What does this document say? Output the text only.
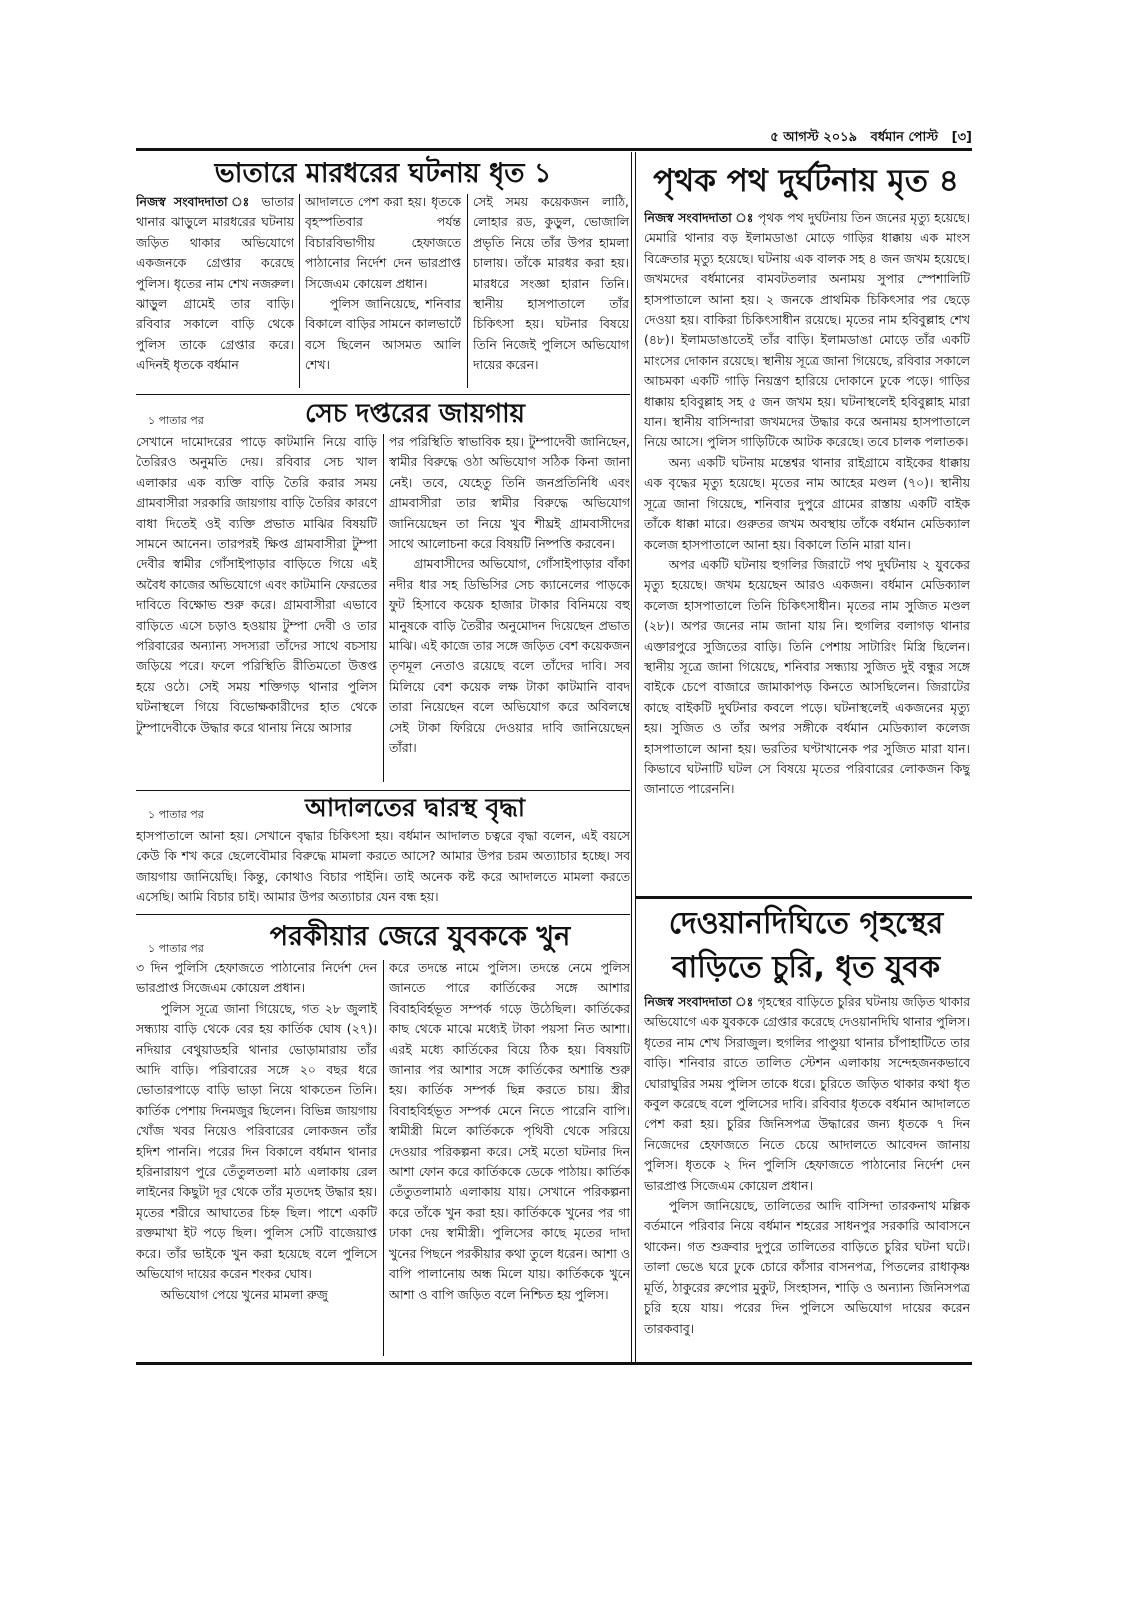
৫ আগস্ট ২০১৯ বর্ধমান পোস্ট [৩]
ভাতারে মারধরের ঘটনায় ধৃত ১

নিজস্ব সংবাদদাতা ঃ ভাতার থানার ঝাড়ুলে মারধরের ঘটনায় জড়িত থাকার অভিযোগে একজনকে গ্রেপ্তার করেছে পুলিস। ধৃতের নাম শেখ নজরুল। ঝাড়ুল গ্রামেই তার বাড়ি। রবিবার সকালে বাড়ি থেকে পুলিস তাকে গ্রেপ্তার করে। এদিনই ধৃতকে বর্ধমান

আদালতে পেশ করা হয়। ধৃতকে বৃহস্পতিবার পর্যন্ত বিচারবিভাগীয় হেফাজতে পাঠানোর নির্দেশ দেন ভারপ্রাপ্ত সিজেএম কোয়েল প্রধান।

পুলিস জানিয়েছে, শনিবার বিকালে বাড়ির সামনে কালভার্টে বসে ছিলেন আসমত আলি শেখ।

সেই সময় কয়েকজন লাঠি, লোহার রড, কুড়ুল, ভোজালি প্রভৃতি নিয়ে তাঁর উপর হামলা চালায়। তাঁকে মারধর করা হয়। মারধরে সংজ্ঞা হারান তিনি। স্থানীয় হাসপাতালে তাঁর চিকিৎসা হয়। ঘটনার বিষয়ে তিনি নিজেই পুলিসে অভিযোগ দায়ের করেন।

১ পাতার পর	সেচ দপ্তরের জায়গায়

সেখানে দামোদরের পাড়ে কাটমানি নিয়ে বাড়ি তৈরিরও অনুমতি দেয়। রবিবার সেচ খাল এলাকার এক ব্যক্তি বাড়ি তৈরি করার সময় গ্রামবাসীরা সরকারি জায়গায় বাড়ি তৈরির কারণে বাধা দিতেই ওই ব্যক্তি প্রভাত মাঝির বিষয়টি সামনে আনেন। তারপরই ক্ষিপ্ত গ্রামবাসীরা টুম্পা দেবীর স্বামীর গোঁসাইপাড়ার বাড়িতে গিয়ে এই অবৈধ কাজের অভিযোগে এবং কাটমানি ফেরতের দাবিতে বিক্ষোভ শুরু করে। গ্রামবাসীরা এভাবে বাড়িতে এসে চড়াও হওয়ায় টুম্পা দেবী ও তার পরিবারের অন্যান্য সদস্যরা তাঁদের সাথে বচসায় জড়িয়ে পরে। ফলে পরিস্থিতি রীতিমতো উত্তপ্ত হয়ে ওঠে। সেই সময় শক্তিগড় থানার পুলিস ঘটনাস্থলে গিয়ে বিভোক্ষকারীদের হাত থেকে টুম্পাদেবীকে উদ্ধার করে থানায় নিয়ে আসার

পর পরিস্থিতি স্বাভাবিক হয়। টুম্পাদেবী জানিছেন, স্বামীর বিরুদ্ধে ওঠা অভিযোগ সঠিক কিনা জানা নেই। তবে, যেহেতু তিনি জনপ্রতিনিধি এবং গ্রামবাসীরা তার স্বামীর বিরুদ্ধে অভিযোগ জানিয়েছেন তা নিয়ে খুব শীঘ্রই গ্রামবাসীদের সাথে আলোচনা করে বিষয়টি নিষ্পত্তি করবেন।

গ্রামবাসীদের অভিযোগ, গোঁসাইপাড়ার বাঁকা নদীর ধার সহ ডিভিসির সেচ ক্যানেলের পাড়কে ফুট হিসাবে কয়েক হাজার টাকার বিনিময়ে বহু মানুষকে বাড়ি তৈরীর অনুমোদন দিয়েছেন প্রভাত মাঝি। এই কাজে তার সঙ্গে জড়িত বেশ কয়েকজন তৃণমূল নেতাও রয়েছে বলে তাঁদের দাবি। সব মিলিয়ে বেশ কয়েক লক্ষ টাকা কাটমানি বাবদ তারা নিয়েছেন বলে অভিযোগ করে অবিলম্বে সেই টাকা ফিরিয়ে দেওয়ার দাবি জানিয়েছেন তাঁরা।

১ পাতার পর	আদালতের দ্বারস্থ বৃদ্ধা

হাসপাতালে আনা হয়। সেখানে বৃদ্ধার চিকিৎসা হয়। বর্ধমান আদালত চত্বরে বৃদ্ধা বলেন, এই বয়সে কেউ কি শখ করে ছেলেবৌমার বিরুদ্ধে মামলা করতে আসে? আমার উপর চরম অত্যাচার হচ্ছে। সব জায়গায় জানিয়েছি। কিন্তু, কোথাও বিচার পাইনি। তাই অনেক কষ্ট করে আদালতে মামলা করতে এসেছি। আমি বিচার চাই। আমার উপর অত্যাচার যেন বন্ধ হয়।

১ পাতার পর	পরকীয়ার জেরে যুবককে খুন

৩ দিন পুলিসি হেফাজতে পাঠানোর নির্দেশ দেন ভারপ্রাপ্ত সিজেএম কোয়েল প্রধান।

পুলিস সূত্রে জানা গিয়েছে, গত ২৮ জুলাই সন্ধ্যায় বাড়ি থেকে বের হয় কার্তিক ঘোষ (২৭)। নদিয়ার বেথুয়াডহরি থানার ভোড়ামারায় তাঁর আদি বাড়ি। পরিবারের সঙ্গে ২০ বছর ধরে ভোতারপাড়ে বাড়ি ভাড়া নিয়ে থাকতেন তিনি। কার্তিক পেশায় দিনমজুর ছিলেন। বিভিন্ন জায়গায় খোঁজ খবর নিয়েও পরিবারের লোকজন তাঁর হদিশ পাননি। পরের দিন বিকালে বর্ধমান থানার হরিনারায়ণ পুরে তেঁতুলতলা মাঠ এলাকায় রেল লাইনের কিছুটা দূর থেকে তাঁর মৃতদেহ উদ্ধার হয়। মৃতের শরীরে আঘাতের চিহ্ন ছিল। পাশে একটি রক্তমাখা ইট পড়ে ছিল। পুলিস সেটি বাজেয়াপ্ত করে। তাঁর ভাইকে খুন করা হয়েছে বলে পুলিসে অভিযোগ দায়ের করেন শংকর ঘোষ।

অভিযোগ পেয়ে খুনের মামলা রুজু

করে তদন্তে নামে পুলিস। তদন্তে নেমে পুলিস জানতে পারে কার্তিকের সঙ্গে আশার বিবাহবির্হভূত সম্পর্ক গড়ে উঠেছিল। কার্তিকের কাছ থেকে মাঝে মধ্যেই টাকা পয়সা নিত আশা। এরই মধ্যে কার্তিকের বিয়ে ঠিক হয়। বিষয়টি জানার পর আশার সঙ্গে কার্তিকের অশান্তি শুরু হয়। কার্তিক সম্পর্ক ছিন্ন করতে চায়। স্ত্রীর বিবাহবির্হভূত সম্পর্ক মেনে নিতে পারেনি বাপি। স্বামীস্ত্রী মিলে কার্তিককে পৃথিবী থেকে সরিয়ে দেওয়ার পরিকল্পনা করে। সেই মতো ঘটনার দিন আশা ফোন করে কার্তিককে ডেকে পাঠায়। কার্তিক তেঁতুতলামাঠ এলাকায় যায়। সেখানে পরিকল্পনা করে তাঁকে খুন করা হয়। কার্তিককে খুনের পর গা ঢাকা দেয় স্বামীস্ত্রী। পুলিসের কাছে মৃতের দাদা খুনের পিছনে পরকীয়ার কথা তুলে ধরেন। আশা ও বাপি পালানোয় অন্ধ মিলে যায়। কার্তিককে খুনে আশা ও বাপি জড়িত বলে নিশ্চিত হয় পুলিস।

পৃথক পথ দুর্ঘটনায় মৃত ৪

নিজস্ব সংবাদদাতা ঃ পৃথক পথ দুর্ঘটনায় তিন জনের মৃত্যু হয়েছে। মেমারি থানার বড় ইলামডাঙা মোড়ে গাড়ির ধাক্কায় এক মাংস বিক্রেতার মৃত্যু হয়েছে। ঘটনায় এক বালক সহ ৪ জন জখম হয়েছে। জখমদের বর্ধমানের বামবটতলার অনাময় সুপার স্পেশালিটি হাসপাতালে আনা হয়। ২ জনকে প্রাথমিক চিকিৎসার পর ছেড়ে দেওয়া হয়। বাকিরা চিকিৎসাধীন রয়েছে। মৃতের নাম হবিবুল্লাহ শেখ (৪৮)। ইলামডাঙাতেই তাঁর বাড়ি। ইলামডাঙা মোড়ে তাঁর একটি মাংসের দোকান রয়েছে। স্থানীয় সূত্রে জানা গিয়েছে, রবিবার সকালে আচমকা একটি গাড়ি নিয়ন্ত্রণ হারিয়ে দোকানে ঢুকে পড়ে। গাড়ির ধাক্কায় হবিবুল্লাহ সহ ৫ জন জখম হয়। ঘটনাস্থলেই হবিবুল্লাহ মারা যান। স্থানীয় বাসিন্দারা জখমদের উদ্ধার করে অনাময় হাসপাতালে নিয়ে আসে। পুলিস গাড়িটিকে আটক করেছে। তবে চালক পলাতক।

অন্য একটি ঘটনায় মন্তেশ্বর থানার রাইগ্রামে বাইকের ধাক্কায় এক বৃদ্ধের মৃত্যু হয়েছে। মৃতের নাম আহের মণ্ডল (৭০)। স্থানীয় সূত্রে জানা গিয়েছে, শনিবার দুপুরে গ্রামের রাস্তায় একটি বাইক তাঁকে ধাক্কা মারে। গুরুতর জখম অবস্থায় তাঁকে বর্ধমান মেডিক্যাল কলেজ হাসপাতালে আনা হয়। বিকালে তিনি মারা যান।

অপর একটি ঘটনায় হুগলির জিরাটে পথ দুর্ঘটনায় ২ যুবকের মৃত্যু হয়েছে। জখম হয়েছেন আরও একজন। বর্ধমান মেডিক্যাল কলেজ হাসপাতালে তিনি চিকিৎসাধীন। মৃতের নাম সুজিত মণ্ডল (২৮)। অপর জনের নাম জানা যায় নি। হুগলির বলাগড় থানার এক্তারপুরে সুজিতের বাড়ি। তিনি পেশায় সাটারিং মিস্ত্রি ছিলেন। স্থানীয় সূত্রে জানা গিয়েছে, শনিবার সন্ধ্যায় সুজিত দুই বন্ধুর সঙ্গে বাইকে চেপে বাজারে জামাকাপড় কিনতে আসছিলেন। জিরাটের কাছে বাইকটি দুর্ঘটনার কবলে পড়ে। ঘটনাস্থলেই একজনের মৃত্যু হয়। সুজিত ও তাঁর অপর সঙ্গীকে বর্ধমান মেডিক্যাল কলেজ হাসপাতালে আনা হয়। ভরতির ঘণ্টাখানেক পর সুজিত মারা যান। কিভাবে ঘটনাটি ঘটল সে বিষয়ে মৃতের পরিবারের লোকজন কিছু জানাতে পারেননি।

দেওয়ানদিঘিতে গৃহস্থের
বাড়িতে চুরি, ধৃত যুবক

নিজস্ব সংবাদদাতা ঃ গৃহস্থের বাড়িতে চুরির ঘটনায় জড়িত থাকার অভিযোগে এক যুবককে গ্রেপ্তার করেছে দেওয়ানদিঘি থানার পুলিস। ধৃতের নাম শেখ সিরাজুল। হুগলির পাণ্ডুয়া থানার চাঁপাহাটিতে তার বাড়ি। শনিবার রাতে তালিত স্টেশন এলাকায় সন্দেহজনকভাবে ঘোরাঘুরির সময় পুলিস তাকে ধরে। চুরিতে জড়িত থাকার কথা ধৃত কবুল করেছে বলে পুলিসের দাবি। রবিবার ধৃতকে বর্ধমান আদালতে পেশ করা হয়। চুরির জিনিসপত্র উদ্ধারের জন্য ধৃতকে ৭ দিন নিজেদের হেফাজতে নিতে চেয়ে আদালতে আবেদন জানায় পুলিস। ধৃতকে ২ দিন পুলিসি হেফাজতে পাঠানোর নির্দেশ দেন ভারপ্রাপ্ত সিজেএম কোয়েল প্রধান।

পুলিস জানিয়েছে, তালিতের আদি বাসিন্দা তারকনাথ মল্লিক বর্তমানে পরিবার নিয়ে বর্ধমান শহরের সাধনপুর সরকারি আবাসনে থাকেন। গত শুক্রবার দুপুরে তালিতের বাড়িতে চুরির ঘটনা ঘটে। তালা ভেঙে ঘরে ঢুকে চোরে কাঁসার বাসনপত্র, পিতলের রাধাকৃষ্ণ মূর্তি, ঠাকুরের রুপোর মুকুট, সিংহাসন, শাড়ি ও অন্যান্য জিনিসপত্র চুরি হয়ে যায়। পরের দিন পুলিসে অভিযোগ দায়ের করেন তারকবাবু।
